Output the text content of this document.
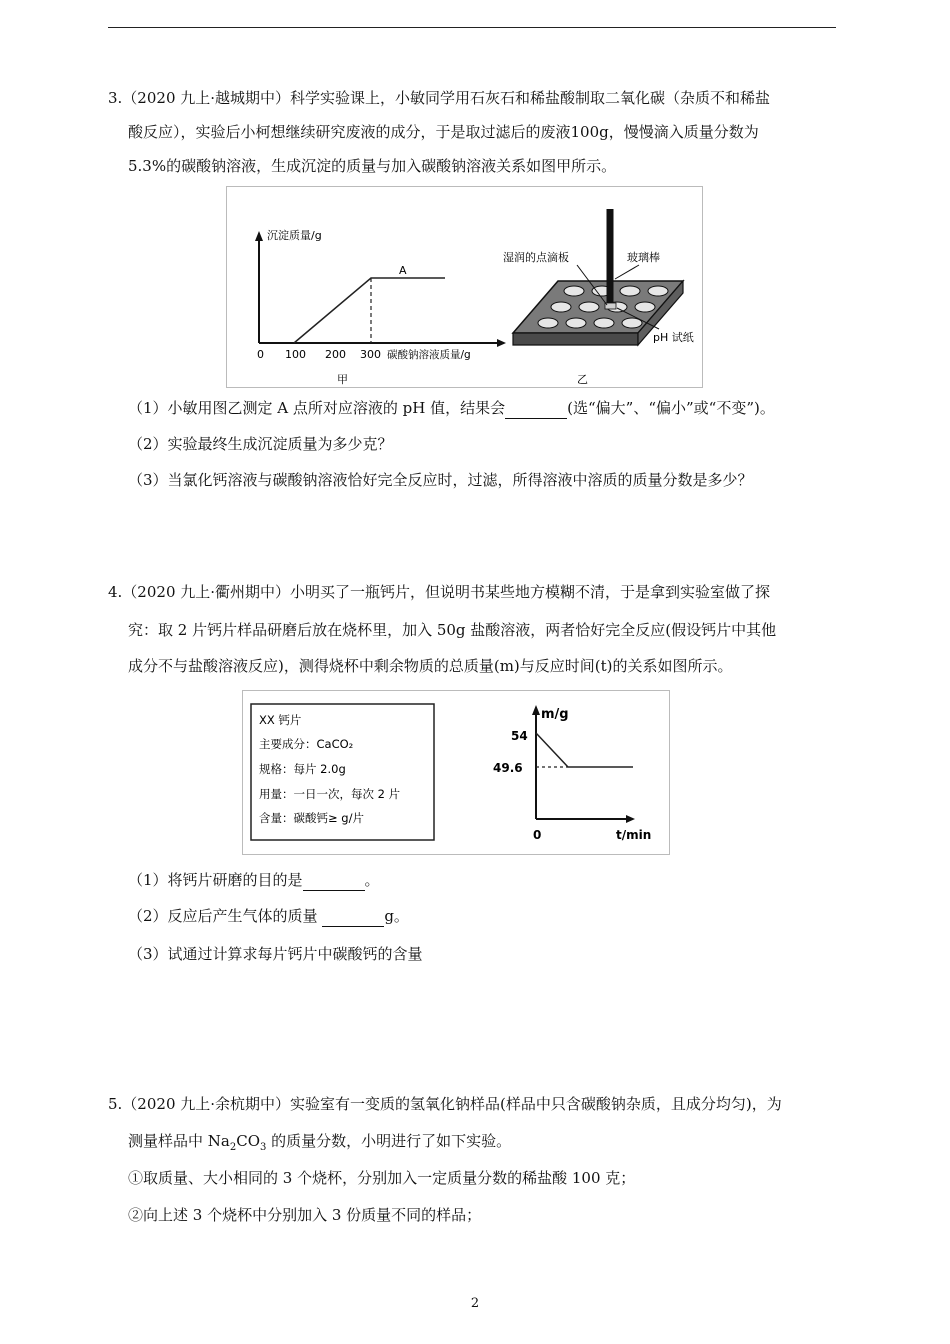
3.（2020 九上·越城期中）科学实验课上，小敏同学用石灰石和稀盐酸制取二氧化碳（杂质不和稀盐
酸反应），实验后小柯想继续研究废液的成分，于是取过滤后的废液100g，慢慢滴入质量分数为
5.3%的碳酸钠溶液，生成沉淀的质量与加入碳酸钠溶液关系如图甲所示。
沉淀质量/g
A
0 100 200 300 碳酸钠溶液质量/g
甲
湿润的点滴板	玻璃棒
pH 试纸
乙
（1）小敏用图乙测定 A 点所对应溶液的 pH 值，结果会	(选“偏大”、“偏小”或“不变”)。
（2）实验最终生成沉淀质量为多少克？
（3）当氯化钙溶液与碳酸钠溶液恰好完全反应时，过滤，所得溶液中溶质的质量分数是多少？
4.（2020 九上·衢州期中）小明买了一瓶钙片，但说明书某些地方模糊不清，于是拿到实验室做了探
究：取 2 片钙片样品研磨后放在烧杯里，加入 50g 盐酸溶液，两者恰好完全反应(假设钙片中其他
成分不与盐酸溶液反应)，测得烧杯中剩余物质的总质量(m)与反应时间(t)的关系如图所示。
XX 钙片
主要成分：CaCO₂
规格：每片 2.0g
用量：一日一次，每次 2 片
含量：碳酸钙≥ g/片
m/g
54
49.6
0	t/min
（1）将钙片研磨的目的是	。
（2）反应后产生气体的质量	g。
（3）试通过计算求每片钙片中碳酸钙的含量
5.（2020 九上·余杭期中）实验室有一变质的氢氧化钠样品(样品中只含碳酸钠杂质，且成分均匀)，为
测量样品中 $Na_2CO_3$ 的质量分数，小明进行了如下实验。
①取质量、大小相同的 3 个烧杯，分别加入一定质量分数的稀盐酸 100 克；
②向上述 3 个烧杯中分别加入 3 份质量不同的样品；
2
